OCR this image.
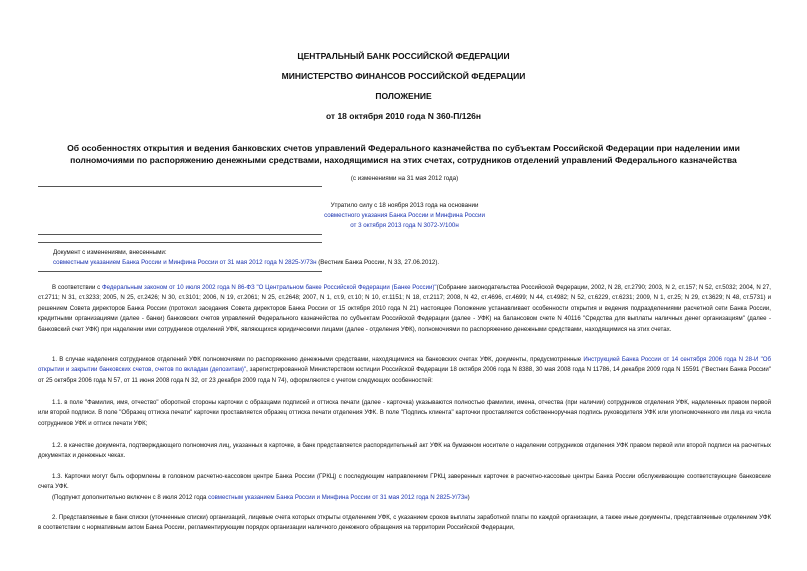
ЦЕНТРАЛЬНЫЙ БАНК РОССИЙСКОЙ ФЕДЕРАЦИИ
МИНИСТЕРСТВО ФИНАНСОВ РОССИЙСКОЙ ФЕДЕРАЦИИ
ПОЛОЖЕНИЕ
от 18 октября 2010 года N 360-П/126н
Об особенностях открытия и ведения банковских счетов управлений Федерального казначейства по субъектам Российской Федерации при наделении ими полномочиями по распоряжению денежными средствами, находящимися на этих счетах, сотрудников отделений управлений Федерального казначейства
(с изменениями на 31 мая 2012 года)
Утратило силу с 18 ноября 2013 года на основании
совместного указания Банка России и Минфина России
от 3 октября 2013 года N 3072-У/100н
Документ с изменениями, внесенными:
совместным указанием Банка России и Минфина России от 31 мая 2012 года N 2825-У/73н (Вестник Банка России, N 33, 27.06.2012).
В соответствии с Федеральным законом от 10 июля 2002 года N 86-ФЗ "О Центральном банке Российской Федерации (Банке России)"(Собрание законодательства Российской Федерации, 2002, N 28, ст.2790; 2003, N 2, ст.157; N 52, ст.5032; 2004, N 27, ст.2711; N 31, ст.3233; 2005, N 25, ст.2426; N 30, ст.3101; 2006, N 19, ст.2061; N 25, ст.2648; 2007, N 1, ст.9, ст.10; N 10, ст.1151; N 18, ст.2117; 2008, N 42, ст.4696, ст.4699; N 44, ст.4982; N 52, ст.6229, ст.6231; 2009, N 1, ст.25; N 29, ст.3629; N 48, ст.5731) и решением Совета директоров Банка России (протокол заседания Совета директоров Банка России от 15 октября 2010 года N 21) настоящее Положение устанавливает особенности открытия и ведения подразделениями расчетной сети Банка России, кредитными организациями (далее - банки) банковских счетов управлений Федерального казначейства по субъектам Российской Федерации (далее - УФК) на балансовом счете N 40116 "Средства для выплаты наличных денег организациям" (далее - банковский счет УФК) при наделении ими сотрудников отделений УФК, являющихся юридическими лицами (далее - отделения УФК), полномочиями по распоряжению денежными средствами, находящимися на этих счетах.
1. В случае наделения сотрудников отделений УФК полномочиями по распоряжению денежными средствами, находящимися на банковских счетах УФК, документы, предусмотренные Инструкцией Банка России от 14 сентября 2006 года N 28-И "Об открытии и закрытии банковских счетов, счетов по вкладам (депозитам)", зарегистрированной Министерством юстиции Российской Федерации 18 октября 2006 года N 8388, 30 мая 2008 года N 11786, 14 декабря 2009 года N 15591 ("Вестник Банка России" от 25 октября 2006 года N 57, от 11 июня 2008 года N 32, от 23 декабря 2009 года N 74), оформляются с учетом следующих особенностей:
1.1. в поле "Фамилия, имя, отчество" оборотной стороны карточки с образцами подписей и оттиска печати (далее - карточка) указываются полностью фамилии, имена, отчества (при наличии) сотрудников отделения УФК, наделенных правом первой или второй подписи. В поле "Образец оттиска печати" карточки проставляется образец оттиска печати отделения УФК. В поле "Подпись клиента" карточки проставляется собственноручная подпись руководителя УФК или уполномоченного им лица из числа сотрудников УФК и оттиск печати УФК;
1.2. в качестве документа, подтверждающего полномочия лиц, указанных в карточке, в банк представляется распорядительный акт УФК на бумажном носителе о наделении сотрудников отделения УФК правом первой или второй подписи на расчетных документах и денежных чеках.
1.3. Карточки могут быть оформлены в головном расчетно-кассовом центре Банка России (ГРКЦ) с последующим направлением ГРКЦ заверенных карточек в расчетно-кассовые центры Банка России обслуживающие соответствующие банковские счета УФК.
(Подпункт дополнительно включен с 8 июля 2012 года совместным указанием Банка России и Минфина России от 31 мая 2012 года N 2825-У/73н)
2. Представляемые в банк списки (уточненные списки) организаций, лицевые счета которых открыты отделением УФК, с указанием сроков выплаты заработной платы по каждой организации, а также иные документы, представляемые отделением УФК в соответствии с нормативным актом Банка России, регламентирующим порядок организации наличного денежного обращения на территории Российской Федерации,
